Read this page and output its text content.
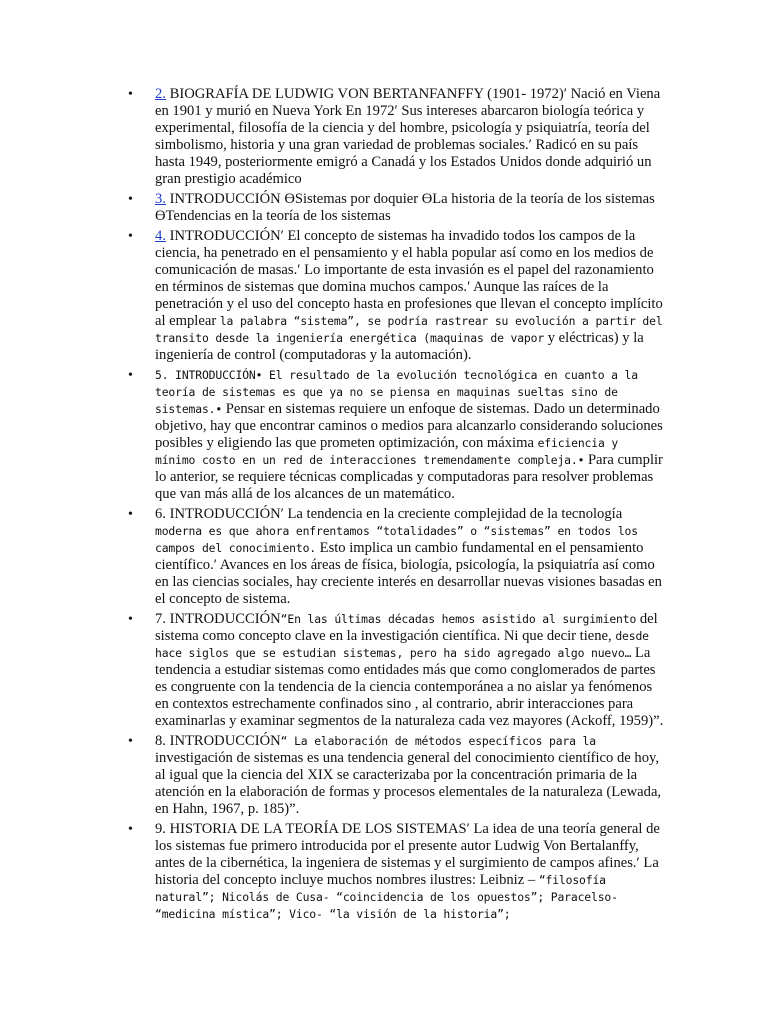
• 2. BIOGRAFÍA DE LUDWIG VON BERTANFANFFY (1901- 1972)′ Nació en Viena en 1901 y murió en Nueva York En 1972′ Sus intereses abarcaron biología teórica y experimental, filosofía de la ciencia y del hombre, psicología y psiquiatría, teoría del simbolismo, historia y una gran variedad de problemas sociales.′ Radicó en su país hasta 1949, posteriormente emigró a Canadá y los Estados Unidos donde adquirió un gran prestigio académico
• 3. INTRODUCCIÓN ϴSistemas por doquier ϴLa historia de la teoría de los sistemas ϴTendencias en la teoría de los sistemas
• 4. INTRODUCCIÓN′ El concepto de sistemas ha invadido todos los campos de la ciencia, ha penetrado en el pensamiento y el habla popular así como en los medios de comunicación de masas.′ Lo importante de esta invasión es el papel del razonamiento en términos de sistemas que domina muchos campos.′ Aunque las raíces de la penetración y el uso del concepto hasta en profesiones que llevan el concepto implícito al emplear la palabra “sistema”, se podría rastrear su evolución a partir del transito desde la ingeniería energética (maquinas de vapor y eléctricas) y la ingeniería de control (computadoras y la automación).
• 5. INTRODUCCIÓN• El resultado de la evolución tecnológica en cuanto a la teoría de sistemas es que ya no se piensa en maquinas sueltas sino de sistemas.• Pensar en sistemas requiere un enfoque de sistemas. Dado un determinado objetivo, hay que encontrar caminos o medios para alcanzarlo considerando soluciones posibles y eligiendo las que prometen optimización, con máxima eficiencia y mínimo costo en un red de interacciones tremendamente compleja.• Para cumplir lo anterior, se requiere técnicas complicadas y computadoras para resolver problemas que van más allá de los alcances de un matemático.
• 6. INTRODUCCIÓN′ La tendencia en la creciente complejidad de la tecnología moderna es que ahora enfrentamos “totalidades” o “sistemas” en todos los campos del conocimiento. Esto implica un cambio fundamental en el pensamiento científico.′ Avances en los áreas de física, biología, psicología, la psiquiatría así como en las ciencias sociales, hay creciente interés en desarrollar nuevas visiones basadas en el concepto de sistema.
• 7. INTRODUCCIÓN“En las últimas décadas hemos asistido al surgimiento del sistema como concepto clave en la investigación científica. Ni que decir tiene, desde hace siglos que se estudian sistemas, pero ha sido agregado algo nuevo… La tendencia a estudiar sistemas como entidades más que como conglomerados de partes es congruente con la tendencia de la ciencia contemporánea a no aislar ya fenómenos en contextos estrechamente confinados sino , al contrario, abrir interacciones para examinarlas y examinar segmentos de la naturaleza cada vez mayores (Ackoff, 1959)”.
• 8. INTRODUCCIÓN“ La elaboración de métodos específicos para la investigación de sistemas es una tendencia general del conocimiento científico de hoy, al igual que la ciencia del XIX se caracterizaba por la concentración primaria de la atención en la elaboración de formas y procesos elementales de la naturaleza (Lewada, en Hahn, 1967, p. 185)”.
• 9. HISTORIA DE LA TEORÍA DE LOS SISTEMAS′ La idea de una teoría general de los sistemas fue primero introducida por el presente autor Ludwig Von Bertalanffy, antes de la cibernética, la ingeniera de sistemas y el surgimiento de campos afines.′ La historia del concepto incluye muchos nombres ilustres: Leibniz – “filosofía natural”; Nicolás de Cusa- “coincidencia de los opuestos”; Paracelso- “medicina mística”; Vico- “la visión de la historia”;
